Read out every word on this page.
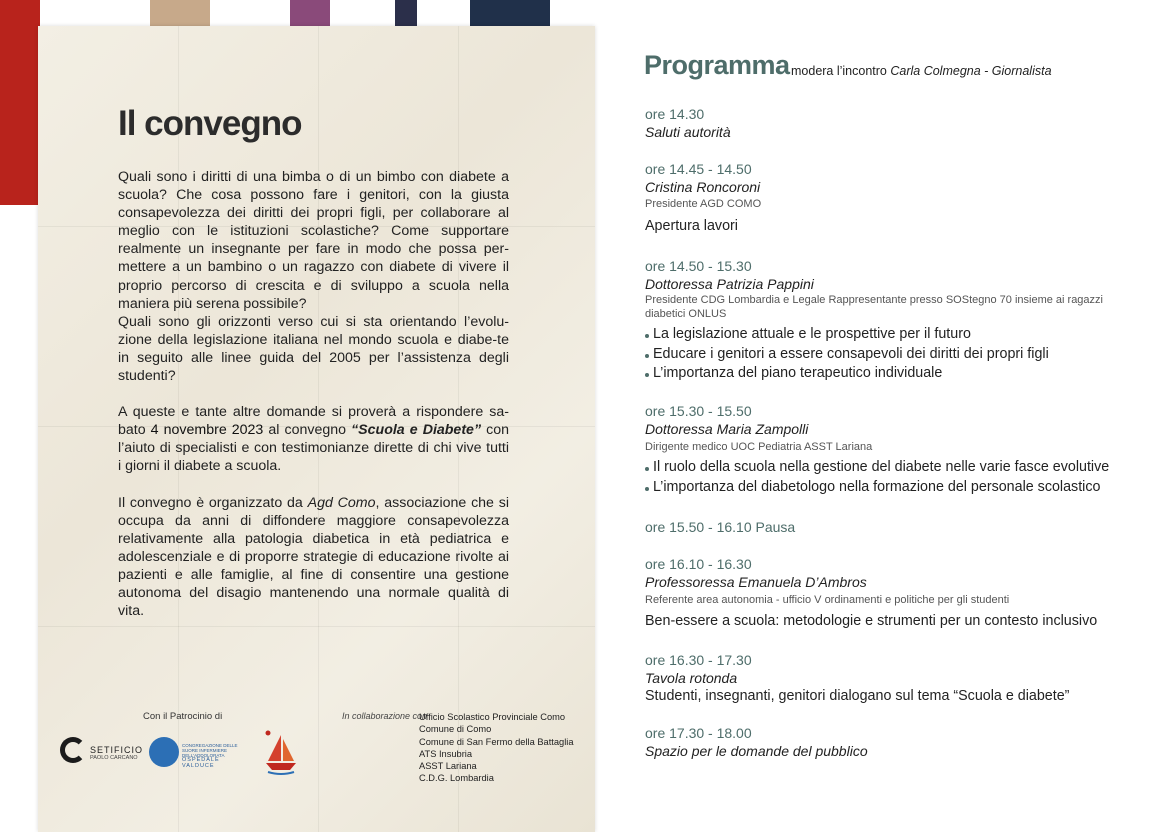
Il convegno

Quali sono i diritti di una bimba o di un bimbo con diabete a scuola? Che cosa possono fare i genitori, con la giusta consapevolezza dei diritti dei propri figli, per collaborare al meglio con le istituzioni scolastiche? Come supportare realmente un insegnante per fare in modo che possa per-mettere a un bambino o un ragazzo con diabete di vivere il proprio percorso di crescita e di sviluppo a scuola nella maniera più serena possibile?
Quali sono gli orizzonti verso cui si sta orientando l’evolu-zione della legislazione italiana nel mondo scuola e diabe-te in seguito alle linee guida del 2005 per l’assistenza degli studenti?

A queste e tante altre domande si proverà a rispondere sa-bato 4 novembre 2023 al convegno “Scuola e Diabete” con l’aiuto di specialisti e con testimonianze dirette di chi vive tutti i giorni il diabete a scuola.

Il convegno è organizzato da Agd Como, associazione che si occupa da anni di diffondere maggiore consapevolezza relativamente alla patologia diabetica in età pediatrica e adolescenziale e di proporre strategie di educazione rivolte ai pazienti e alle famiglie, al fine di consentire una gestione autonoma del disagio mantenendo una normale qualità di vita.

Con il Patrocinio di
SETIFICIO
PAOLO CARCANO
CONGREGAZIONE DELLE SUORE INFERMIERE DELL'ADDOLORATA
OSPEDALE VALDUCE
In collaborazione con
Ufficio Scolastico Provinciale Como
Comune di Como
Comune di San Fermo della Battaglia
ATS Insubria
ASST Lariana
C.D.G. Lombardia
Programma modera l’incontro Carla Colmegna - Giornalista
ore 14.30
Saluti autorità
ore 14.45 - 14.50
Cristina Roncoroni
Presidente AGD COMO
Apertura lavori
ore 14.50 - 15.30
Dottoressa Patrizia Pappini
Presidente CDG Lombardia e Legale Rappresentante presso SOStegno 70 insieme ai ragazzi diabetici ONLUS
La legislazione attuale e le prospettive per il futuro
Educare i genitori a essere consapevoli dei diritti dei propri figli
L’importanza del piano terapeutico individuale
ore 15.30 - 15.50
Dottoressa Maria Zampolli
Dirigente medico UOC Pediatria ASST Lariana
Il ruolo della scuola nella gestione del diabete nelle varie fasce evolutive
L’importanza del diabetologo nella formazione del personale scolastico
ore 15.50 - 16.10 Pausa
ore 16.10 - 16.30
Professoressa Emanuela D’Ambros
Referente area autonomia - ufficio V ordinamenti e politiche per gli studenti
Ben-essere a scuola: metodologie e strumenti per un contesto inclusivo
ore 16.30 - 17.30
Tavola rotonda
Studenti, insegnanti, genitori dialogano sul tema “Scuola e diabete”
ore 17.30 - 18.00
Spazio per le domande del pubblico
